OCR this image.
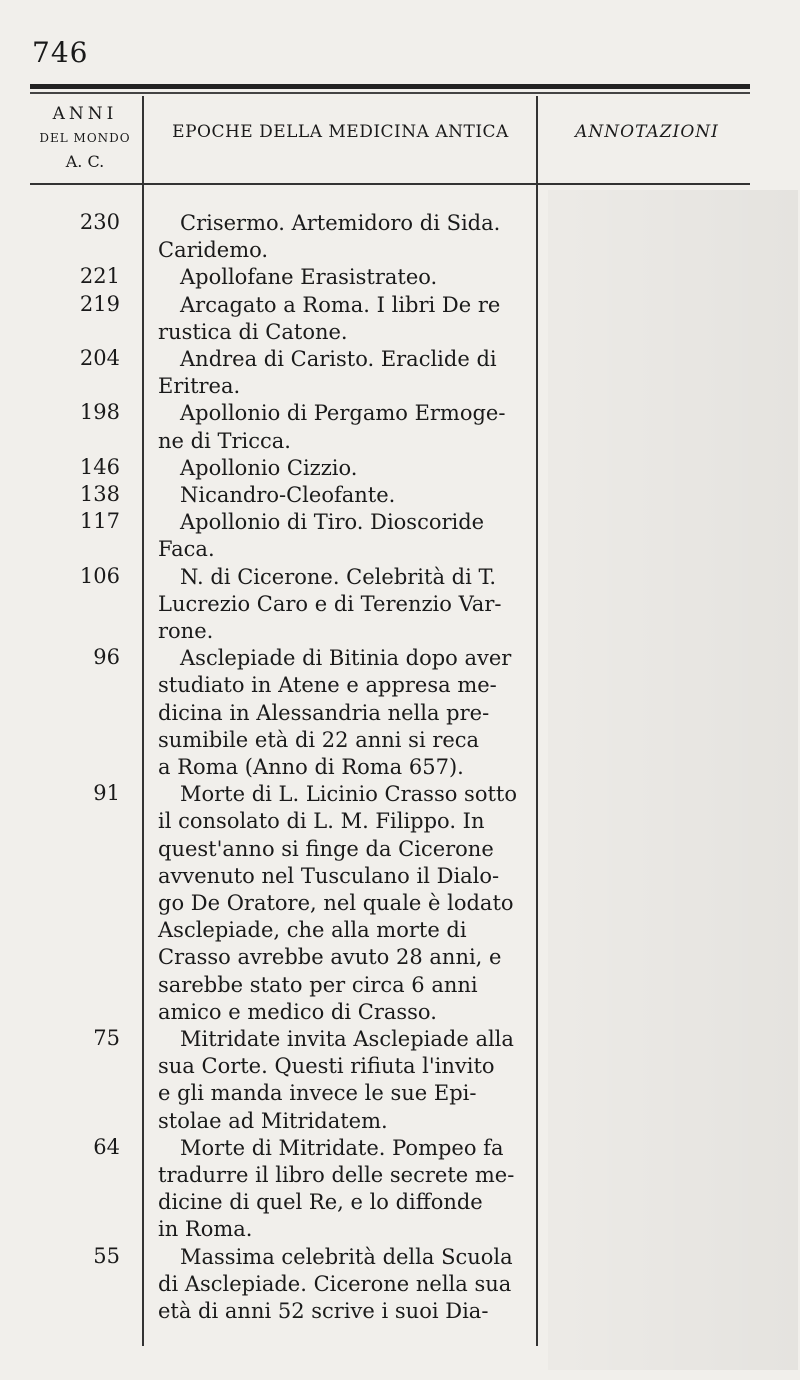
746
ANNI
DEL MONDO
A. C.
EPOCHE DELLA MEDICINA ANTICA	ANNOTAZIONI
230	Crisermo. Artemidoro di Sida.
Caridemo.
221	Apollofane Erasistrateo.
219	Arcagato a Roma. I libri De re
rustica di Catone.
204	Andrea di Caristo. Eraclide di
Eritrea.
198	Apollonio di Pergamo Ermoge-
ne di Tricca.
146	Apollonio Cizzio.
138	Nicandro-Cleofante.
117	Apollonio di Tiro. Dioscoride
Faca.
106	N. di Cicerone. Celebrità di T.
Lucrezio Caro e di Terenzio Var-
rone.
96	Asclepiade di Bitinia dopo aver
studiato in Atene e appresa me-
dicina in Alessandria nella pre-
sumibile età di 22 anni si reca
a Roma (Anno di Roma 657).
91	Morte di L. Licinio Crasso sotto
il consolato di L. M. Filippo. In
quest'anno si finge da Cicerone
avvenuto nel Tusculano il Dialo-
go De Oratore, nel quale è lodato
Asclepiade, che alla morte di
Crasso avrebbe avuto 28 anni, e
sarebbe stato per circa 6 anni
amico e medico di Crasso.
75	Mitridate invita Asclepiade alla
sua Corte. Questi rifiuta l'invito
e gli manda invece le sue Epi-
stolae ad Mitridatem.
64	Morte di Mitridate. Pompeo fa
tradurre il libro delle secrete me-
dicine di quel Re, e lo diffonde
in Roma.
55	Massima celebrità della Scuola
di Asclepiade. Cicerone nella sua
età di anni 52 scrive i suoi Dia-
